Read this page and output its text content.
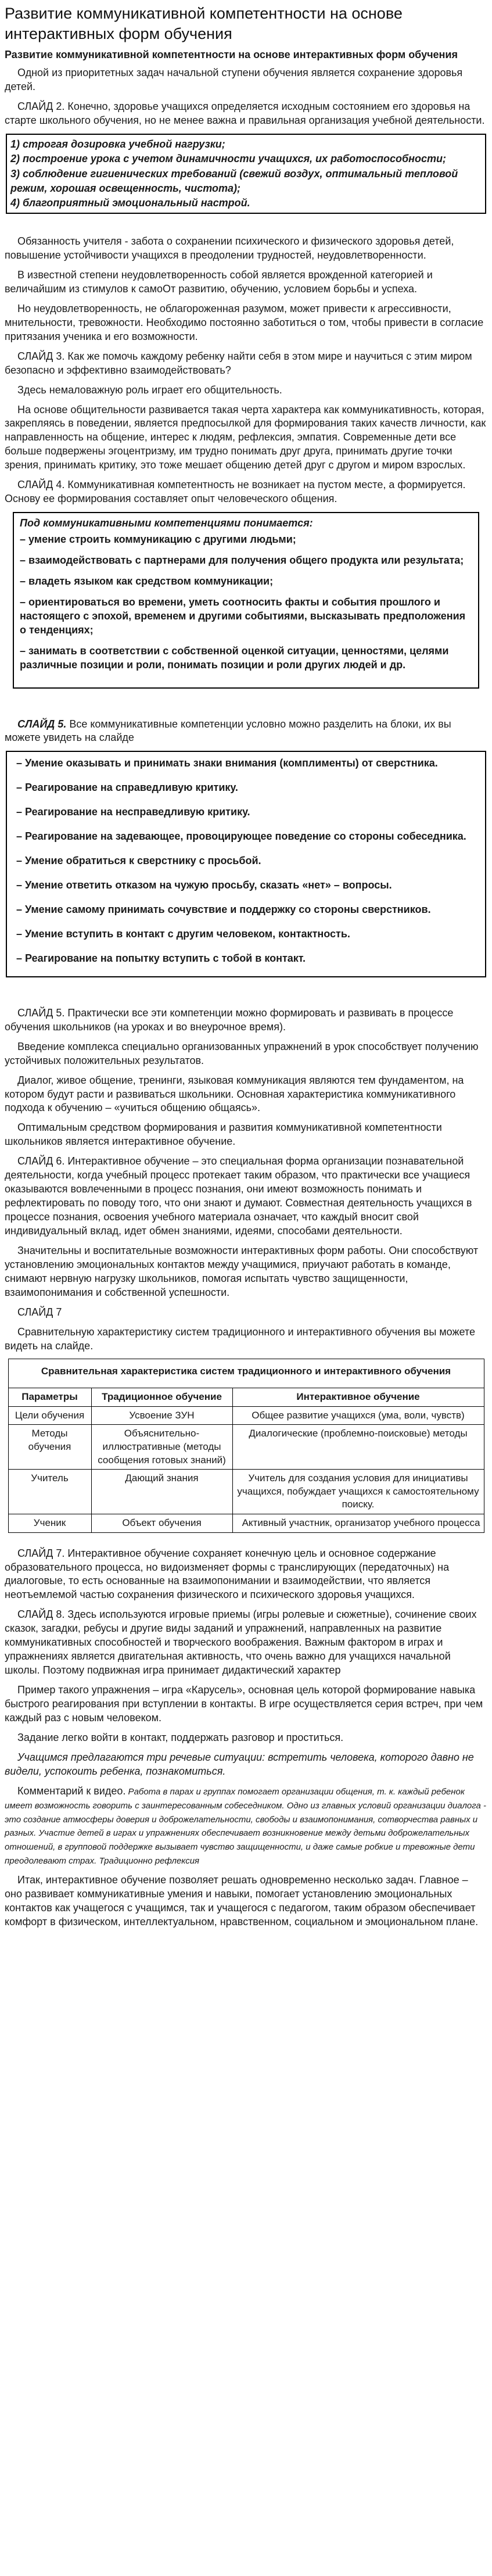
Развитие коммуникативной компетентности на основе интерактивных форм обучения
Развитие коммуникативной компетентности на основе интерактивных форм обучения

Одной из приоритетных задач начальной ступени обучения является сохранение здоровья детей.

СЛАЙД 2. Конечно, здоровье учащихся определяется исходным состоянием его здоровья на старте школьного обучения, но не менее важна и правильная организация учебной деятельности.

1) строгая дозировка учебной нагрузки;

2) построение урока с учетом динамичности учащихся, их работоспособности;

3) соблюдение гигиенических требований (свежий воздух, оптимальный тепловой режим, хорошая освещенность, чистота);

4) благоприятный эмоциональный настрой.

Обязанность учителя - забота о сохранении психического и физического здоровья детей, повышение устойчивости учащихся в преодолении трудностей, неудовлетворенности.

В известной степени неудовлетворенность собой является врожденной категорией и величайшим из стимулов к самоОт развитию, обучению, условием борьбы и успеха.

Но неудовлетворенность, не облагороженная разумом, может привести к агрессивности, мнительности, тревожности. Необходимо постоянно заботиться о том, чтобы привести в согласие притязания ученика и его возможности.

СЛАЙД 3. Как же помочь каждому ребенку найти себя в этом мире и научиться с этим миром безопасно и эффективно взаимодействовать?

Здесь немаловажную роль играет его общительность.

На основе общительности развивается такая черта характера как коммуникативность, которая, закрепляясь в поведении, является предпосылкой для формирования таких качеств личности, как направленность на общение, интерес к людям, рефлексия, эмпатия. Современные дети все больше подвержены эгоцентризму, им трудно понимать друг друга, принимать другие точки зрения, принимать критику, это тоже мешает общению детей друг с другом и миром взрослых.

СЛАЙД 4. Коммуникативная компетентность не возникает на пустом месте, а формируется. Основу ее формирования составляет опыт человеческого общения.

Под коммуникативными компетенциями понимается:

– умение строить коммуникацию с другими людьми;

– взаимодействовать с партнерами для получения общего продукта или результата;

– владеть языком как средством коммуникации;

– ориентироваться во времени, уметь соотносить факты и события прошлого и настоящего с эпохой, временем и другими событиями, высказывать предположения о тенденциях;

– занимать в соответствии с собственной оценкой ситуации, ценностями, целями различные позиции и роли, понимать позиции и роли других людей и др.

СЛАЙД 5. Все коммуникативные компетенции условно можно разделить на блоки, их вы можете увидеть на слайде

– Умение оказывать и принимать знаки внимания (комплименты) от сверстника.

– Реагирование на справедливую критику.

– Реагирование на несправедливую критику.

– Реагирование на задевающее, провоцирующее поведение со стороны собеседника.

– Умение обратиться к сверстнику с просьбой.

– Умение ответить отказом на чужую просьбу, сказать «нет» – вопросы.

– Умение самому принимать сочувствие и поддержку со стороны сверстников.

– Умение вступить в контакт с другим человеком, контактность.

– Реагирование на попытку вступить с тобой в контакт.

СЛАЙД 5. Практически все эти компетенции можно формировать и развивать в процессе обучения школьников (на уроках и во внеурочное время).

Введение комплекса специально организованных упражнений в урок способствует получению устойчивых положительных результатов.

Диалог, живое общение, тренинги, языковая коммуникация являются тем фундаментом, на котором будут расти и развиваться школьники. Основная характеристика коммуникативного подхода к обучению – «учиться общению общаясь».

Оптимальным средством формирования и развития коммуникативной компетентности школьников является интерактивное обучение.

СЛАЙД 6. Интерактивное обучение – это специальная форма организации познавательной деятельности, когда учебный процесс протекает таким образом, что практически все учащиеся оказываются вовлеченными в процесс познания, они имеют возможность понимать и рефлектировать по поводу того, что они знают и думают. Совместная деятельность учащихся в процессе познания, освоения учебного материала означает, что каждый вносит свой индивидуальный вклад, идет обмен знаниями, идеями, способами деятельности.

Значительны и воспитательные возможности интерактивных форм работы. Они способствуют установлению эмоциональных контактов между учащимися, приучают работать в команде, снимают нервную нагрузку школьников, помогая испытать чувство защищенности, взаимопонимания и собственной успешности.

СЛАЙД 7

Сравнительную характеристику систем традиционного и интерактивного обучения вы можете видеть на слайде.

Сравнительная характеристика систем традиционного и интерактивного обучения		
Параметры	Традиционное обучение	Интерактивное обучение
Цели обучения	Усвоение ЗУН	Общее развитие учащихся (ума, воли, чувств)
Методы обучения	Объяснительно-иллюстративные (методы сообщения готовых знаний)	Диалогические (проблемно-поисковые) методы
Учитель	Дающий знания	Учитель для создания условия для инициативы учащихся, побуждает учащихся к самостоятельному поиску.
Ученик	Объект обучения	Активный участник, организатор учебного процесса

СЛАЙД 7. Интерактивное обучение сохраняет конечную цель и основное содержание образовательного процесса, но видоизменяет формы с транслирующих (передаточных) на диалоговые, то есть основанные на взаимопонимании и взаимодействии, что является неотъемлемой частью сохранения физического и психического здоровья учащихся.

СЛАЙД 8. Здесь используются игровые приемы (игры ролевые и сюжетные), сочинение своих сказок, загадки, ребусы и другие виды заданий и упражнений, направленных на развитие коммуникативных способностей и творческого воображения. Важным фактором в играх и упражнениях является двигательная активность, что очень важно для учащихся начальной школы. Поэтому подвижная игра принимает дидактический характер

Пример такого упражнения – игра «Карусель», основная цель которой формирование навыка быстрого реагирования при вступлении в контакты. В игре осуществляется серия встреч, при чем каждый раз с новым человеком.

Задание легко войти в контакт, поддержать разговор и проститься.

Учащимся предлагаются три речевые ситуации: встретить человека, которого давно не видели, успокоить ребенка, познакомиться.

Комментарий к видео. Работа в парах и группах помогает организации общения, т. к. каждый ребенок имеет возможность говорить с заинтересованным собеседником. Одно из главных условий организации диалога - это создание атмосферы доверия и доброжелательности, свободы и взаимопонимания, сотворчества равных и разных. Участие детей в играх и упражнениях обеспечивает возникновение между детьми доброжелательных отношений, в групповой поддержке вызывает чувство защищенности, и даже самые робкие и тревожные дети преодолевают страх. Традиционно рефлексия

Итак, интерактивное обучение позволяет решать одновременно несколько задач. Главное – оно развивает коммуникативные умения и навыки, помогает установлению эмоциональных контактов как учащегося с учащимся, так и учащегося с педагогом, таким образом обеспечивает комфорт в физическом, интеллектуальном, нравственном, социальном и эмоциональном плане.
